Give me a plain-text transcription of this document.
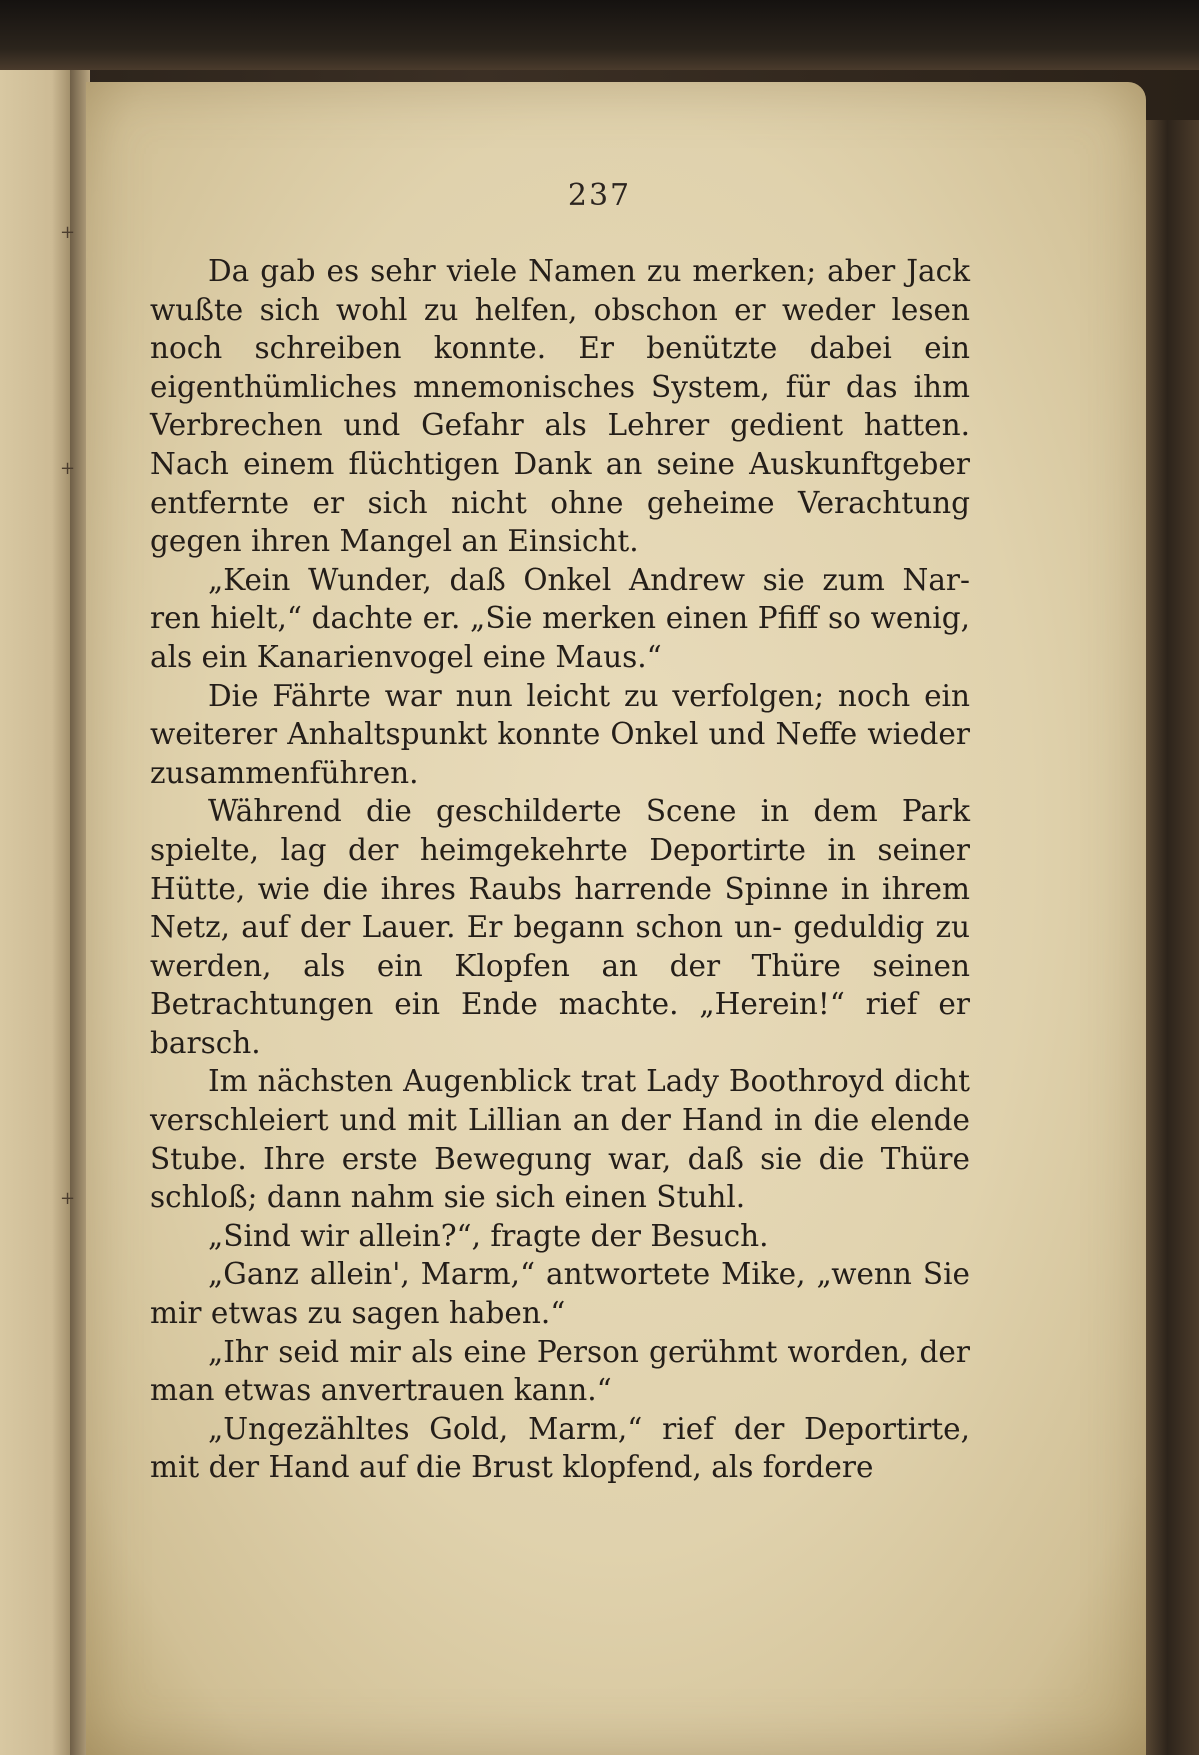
+
+
+
237

Da gab es sehr viele Namen zu merken; aber Jack wußte sich wohl zu helfen, obschon er weder lesen noch schreiben konnte. Er benützte dabei ein eigenthümliches mnemonisches System, für das ihm Verbrechen und Gefahr als Lehrer gedient hatten. Nach einem flüchtigen Dank an seine Auskunftgeber entfernte er sich nicht ohne geheime Verachtung gegen ihren Mangel an Einsicht.

„Kein Wunder, daß Onkel Andrew sie zum Nar- ren hielt,“ dachte er. „Sie merken einen Pfiff so wenig, als ein Kanarienvogel eine Maus.“

Die Fährte war nun leicht zu verfolgen; noch ein weiterer Anhaltspunkt konnte Onkel und Neffe wieder zusammenführen.

Während die geschilderte Scene in dem Park spielte, lag der heimgekehrte Deportirte in seiner Hütte, wie die ihres Raubs harrende Spinne in ihrem Netz, auf der Lauer. Er begann schon un- geduldig zu werden, als ein Klopfen an der Thüre seinen Betrachtungen ein Ende machte. „Herein!“ rief er barsch.

Im nächsten Augenblick trat Lady Boothroyd dicht verschleiert und mit Lillian an der Hand in die elende Stube. Ihre erste Bewegung war, daß sie die Thüre schloß; dann nahm sie sich einen Stuhl.

„Sind wir allein?“, fragte der Besuch.

„Ganz allein', Marm,“ antwortete Mike, „wenn Sie mir etwas zu sagen haben.“

„Ihr seid mir als eine Person gerühmt worden, der man etwas anvertrauen kann.“

„Ungezähltes Gold, Marm,“ rief der Deportirte, mit der Hand auf die Brust klopfend, als fordere
